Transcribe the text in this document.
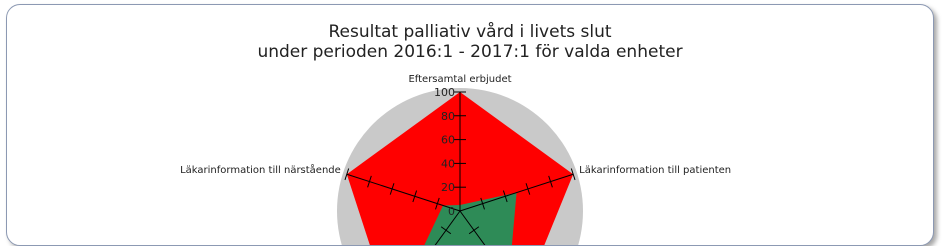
Resultat palliativ vård i livets slut
under perioden 2016:1 - 2017:1 för valda enheter
0
20
40
60
80
100
Eftersamtal erbjudet
Läkarinformation till patienten
Läkarinformation till närstående
